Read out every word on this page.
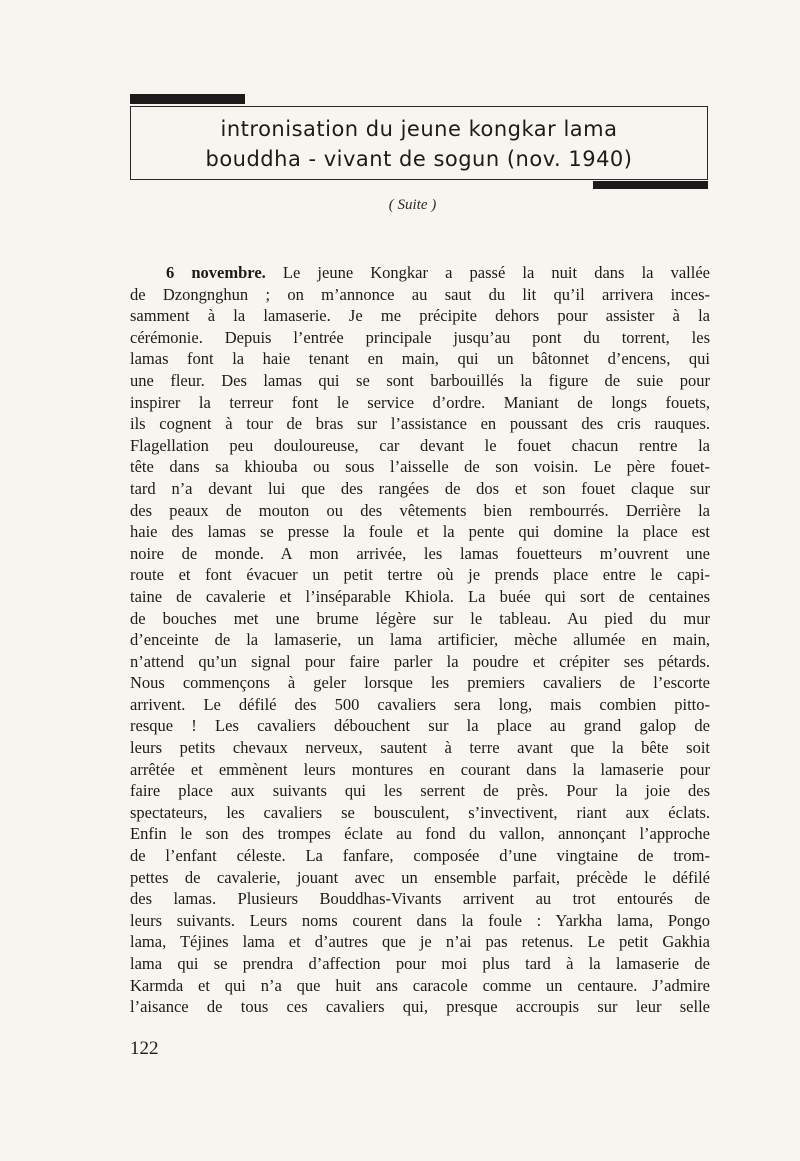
intronisation du jeune kongkar lama
bouddha - vivant de sogun (nov. 1940)
( Suite )
6 novembre. Le jeune Kongkar a passé la nuit dans la vallée
de Dzongnghun ; on m’annonce au saut du lit qu’il arrivera inces-
samment à la lamaserie. Je me précipite dehors pour assister à la
cérémonie. Depuis l’entrée principale jusqu’au pont du torrent, les
lamas font la haie tenant en main, qui un bâtonnet d’encens, qui
une fleur. Des lamas qui se sont barbouillés la figure de suie pour
inspirer la terreur font le service d’ordre. Maniant de longs fouets,
ils cognent à tour de bras sur l’assistance en poussant des cris rauques.
Flagellation peu douloureuse, car devant le fouet chacun rentre la
tête dans sa khiouba ou sous l’aisselle de son voisin. Le père fouet-
tard n’a devant lui que des rangées de dos et son fouet claque sur
des peaux de mouton ou des vêtements bien rembourrés. Derrière la
haie des lamas se presse la foule et la pente qui domine la place est
noire de monde. A mon arrivée, les lamas fouetteurs m’ouvrent une
route et font évacuer un petit tertre où je prends place entre le capi-
taine de cavalerie et l’inséparable Khiola. La buée qui sort de centaines
de bouches met une brume légère sur le tableau. Au pied du mur
d’enceinte de la lamaserie, un lama artificier, mèche allumée en main,
n’attend qu’un signal pour faire parler la poudre et crépiter ses pétards.
Nous commençons à geler lorsque les premiers cavaliers de l’escorte
arrivent. Le défilé des 500 cavaliers sera long, mais combien pitto-
resque ! Les cavaliers débouchent sur la place au grand galop de
leurs petits chevaux nerveux, sautent à terre avant que la bête soit
arrêtée et emmènent leurs montures en courant dans la lamaserie pour
faire place aux suivants qui les serrent de près. Pour la joie des
spectateurs, les cavaliers se bousculent, s’invectivent, riant aux éclats.
Enfin le son des trompes éclate au fond du vallon, annonçant l’approche
de l’enfant céleste. La fanfare, composée d’une vingtaine de trom-
pettes de cavalerie, jouant avec un ensemble parfait, précède le défilé
des lamas. Plusieurs Bouddhas-Vivants arrivent au trot entourés de
leurs suivants. Leurs noms courent dans la foule : Yarkha lama, Pongo
lama, Téjines lama et d’autres que je n’ai pas retenus. Le petit Gakhia
lama qui se prendra d’affection pour moi plus tard à la lamaserie de
Karmda et qui n’a que huit ans caracole comme un centaure. J’admire
l’aisance de tous ces cavaliers qui, presque accroupis sur leur selle
122
